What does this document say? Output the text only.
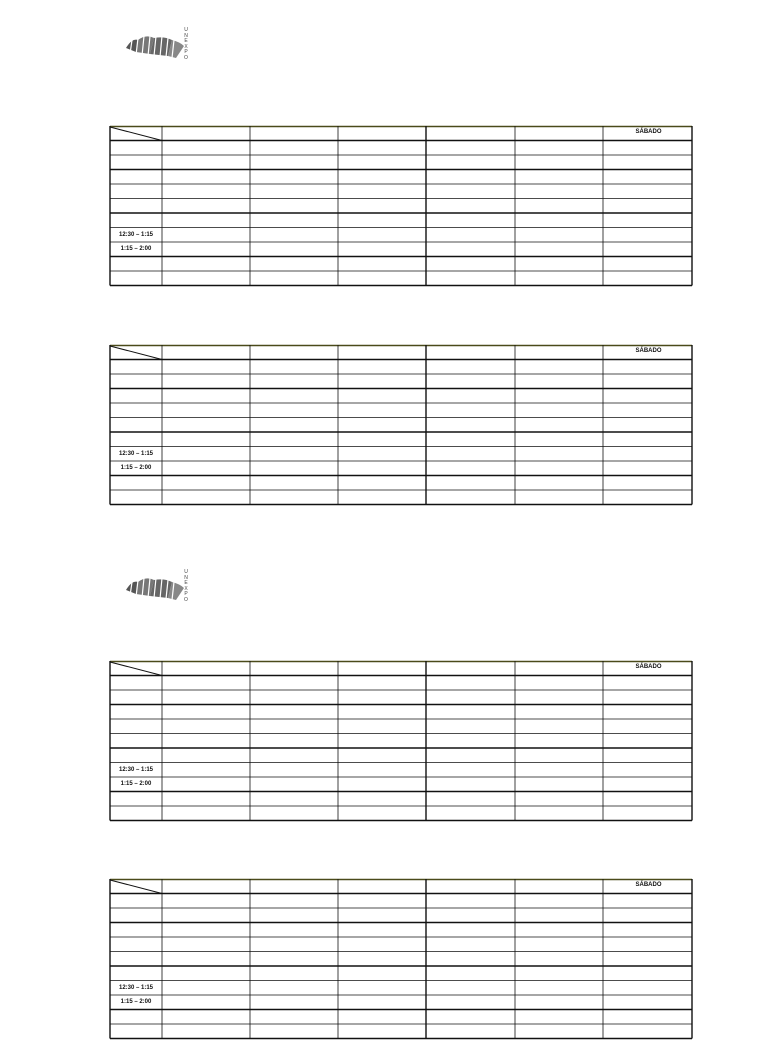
UNEXPO
UNEXPO
SÁBADO
12:30 – 1:15
1:15 – 2:00
SÁBADO
12:30 – 1:15
1:15 – 2:00
SÁBADO
12:30 – 1:15
1:15 – 2:00
SÁBADO
12:30 – 1:15
1:15 – 2:00
